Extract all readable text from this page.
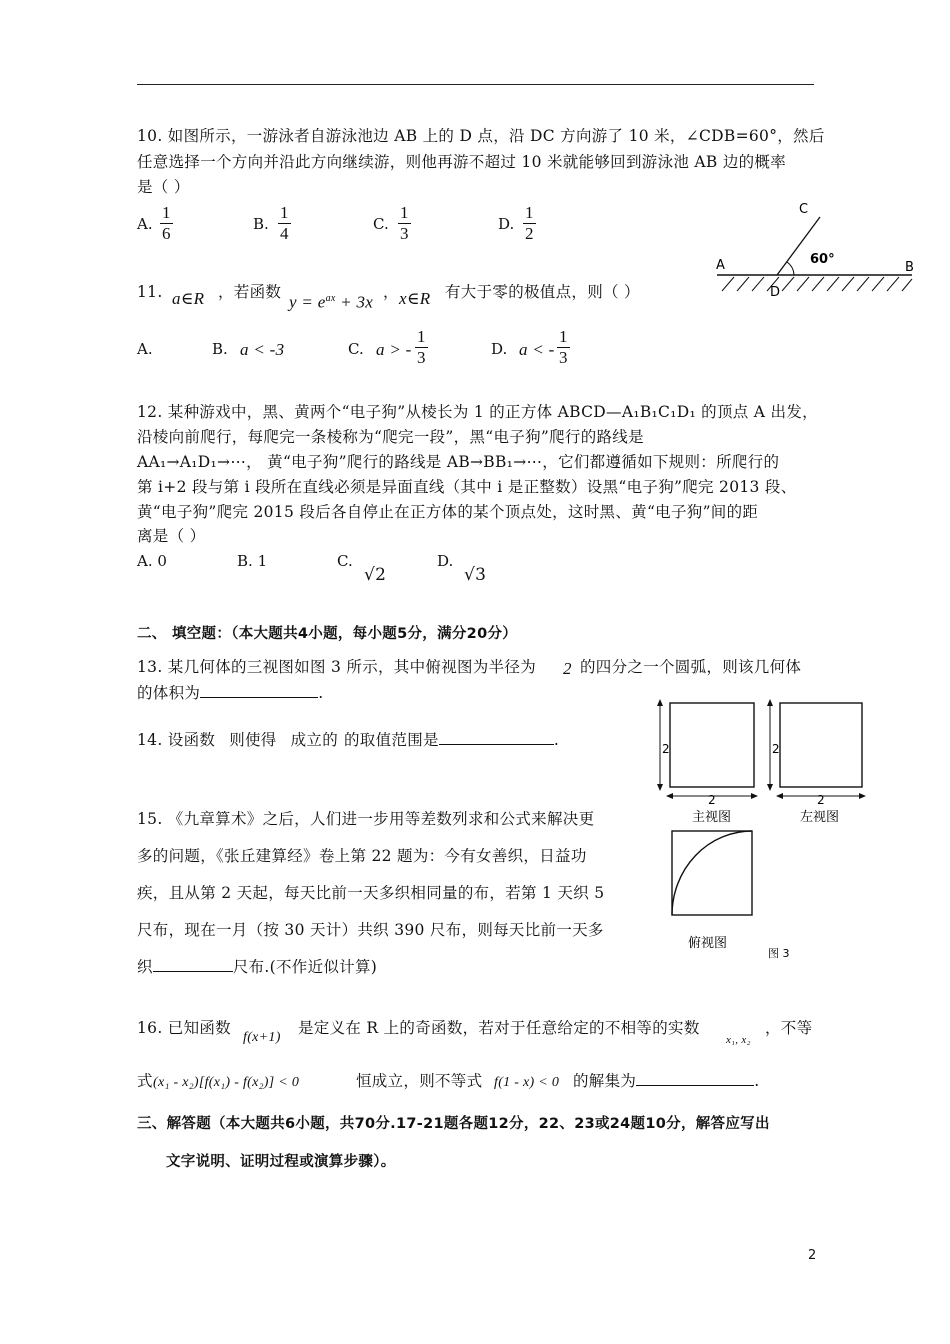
10. 如图所示，一游泳者自游泳池边 AB 上的 D 点，沿 DC 方向游了 10 米，∠CDB=60°，然后
任意选择一个方向并沿此方向继续游，则他再游不超过 10 米就能够回到游泳池 AB 边的概率
是（ ）
A. $\frac{1}{6}$	B. $\frac{1}{4}$	C. $\frac{1}{3}$	D. $\frac{1}{2}$	C
A	B
D
60°
11. a∈R ，若函数
$y = e^{ax} + 3x$
， x∈R 有大于零的极值点，则（ ）
A.	B. a < -3	C. a > - $\frac{1}{3}$	D. a < - $\frac{1}{3}$
12. 某种游戏中，黑、黄两个“电子狗”从棱长为 1 的正方体 ABCD—A₁B₁C₁D₁ 的顶点 A 出发，
沿棱向前爬行，每爬完一条棱称为“爬完一段”，黑“电子狗”爬行的路线是
AA₁→A₁D₁→⋯， 黄“电子狗”爬行的路线是 AB→BB₁→⋯，它们都遵循如下规则：所爬行的
第 i+2 段与第 i 段所在直线必须是异面直线（其中 i 是正整数）设黑“电子狗”爬完 2013 段、
黄“电子狗”爬完 2015 段后各自停止在正方体的某个顶点处，这时黑、黄“电子狗”间的距
离是（ ）
A. 0	B. 1	C.
√2
D.
√3
二、 填空题：（本大题共4小题，每小题5分，满分20分）
13. 某几何体的三视图如图 3 所示，其中俯视图为半径为 2 的四分之一个圆弧，则该几何体
的体积为	.
14. 设函数 则使得 成立的 的取值范围是	.
15. 《九章算术》之后，人们进一步用等差数列求和公式来解决更
多的问题，《张丘建算经》卷上第 22 题为：今有女善织，日益功
疾，且从第 2 天起，每天比前一天多织相同量的布，若第 1 天织 5
尺布，现在一月（按 30 天计）共织 390 尺布，则每天比前一天多
织	尺布.(不作近似计算)
2
2
主视图
2
2
左视图
俯视图
图 3
16. 已知函数
f(x+1)
是定义在 R 上的奇函数，若对于任意给定的不相等的实数
x₁, x₂
，不等
式 (x₁ - x₂)[f(x₁) - f(x₂)] < 0	恒成立，则不等式 f(1 - x) < 0 的解集为	.
三、解答题（本大题共6小题，共70分.17-21题各题12分，22、23或24题10分，解答应写出
文字说明、证明过程或演算步骤）。
2
